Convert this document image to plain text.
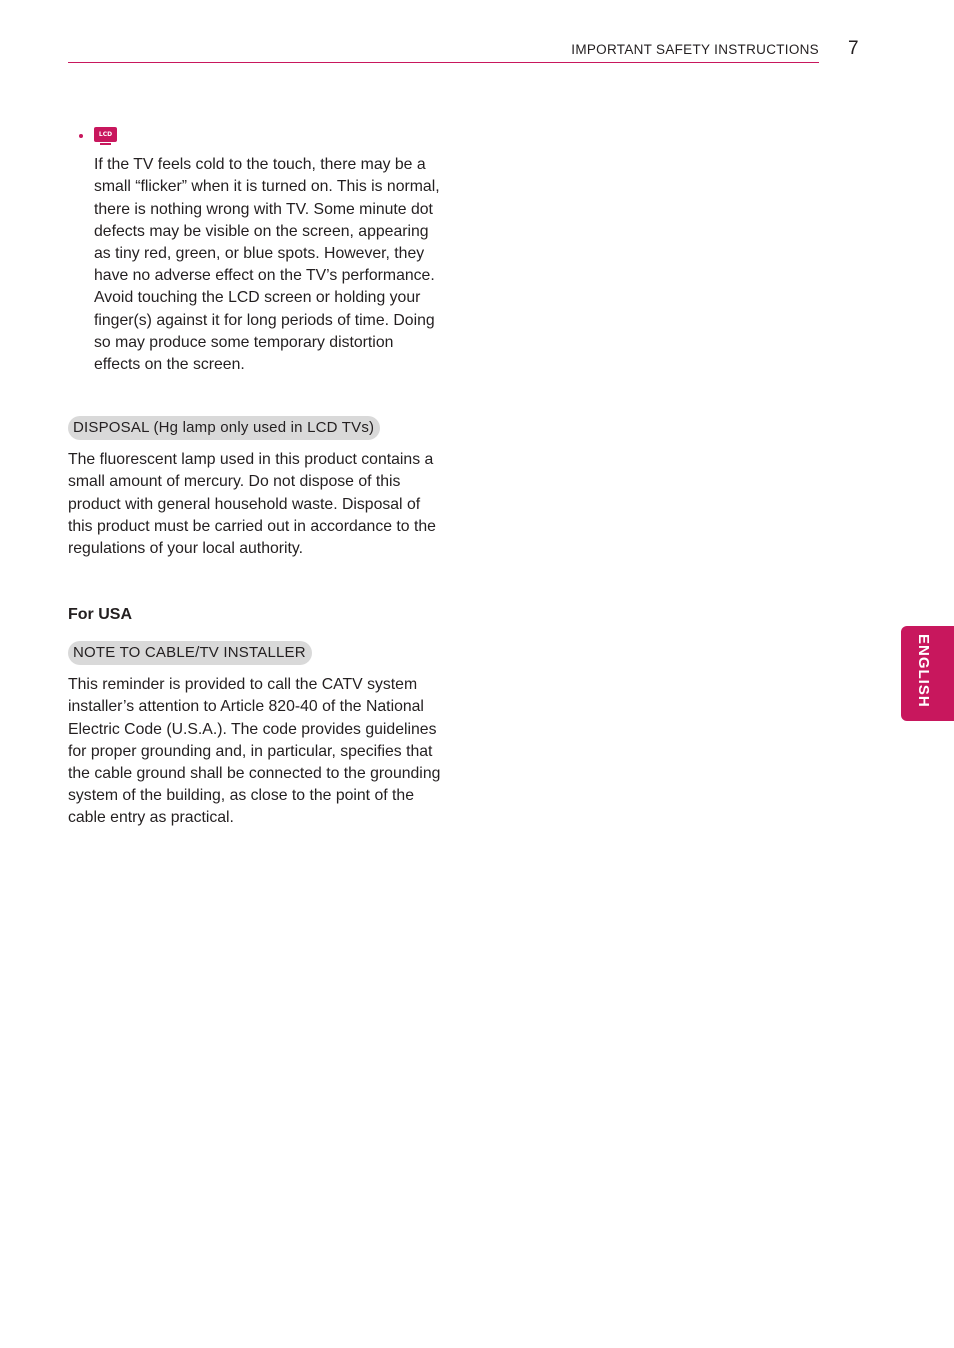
IMPORTANT SAFETY INSTRUCTIONS 7
LCD

If the TV feels cold to the touch, there may be a small “flicker” when it is turned on. This is normal, there is nothing wrong with TV. Some minute dot defects may be visible on the screen, appearing as tiny red, green, or blue spots. However, they have no adverse effect on the TV’s performance. Avoid touching the LCD screen or holding your finger(s) against it for long periods of time. Doing so may produce some temporary distortion effects on the screen.

DISPOSAL (Hg lamp only used in LCD TVs)

The fluorescent lamp used in this product contains a small amount of mercury. Do not dispose of this product with general household waste. Disposal of this product must be carried out in accordance to the regulations of your local authority.

For USA
NOTE TO CABLE/TV INSTALLER

This reminder is provided to call the CATV system installer’s attention to Article 820-40 of the National Electric Code (U.S.A.). The code provides guidelines for proper grounding and, in particular, specifies that the cable ground shall be connected to the grounding system of the building, as close to the point of the cable entry as practical.

ENGLISH
